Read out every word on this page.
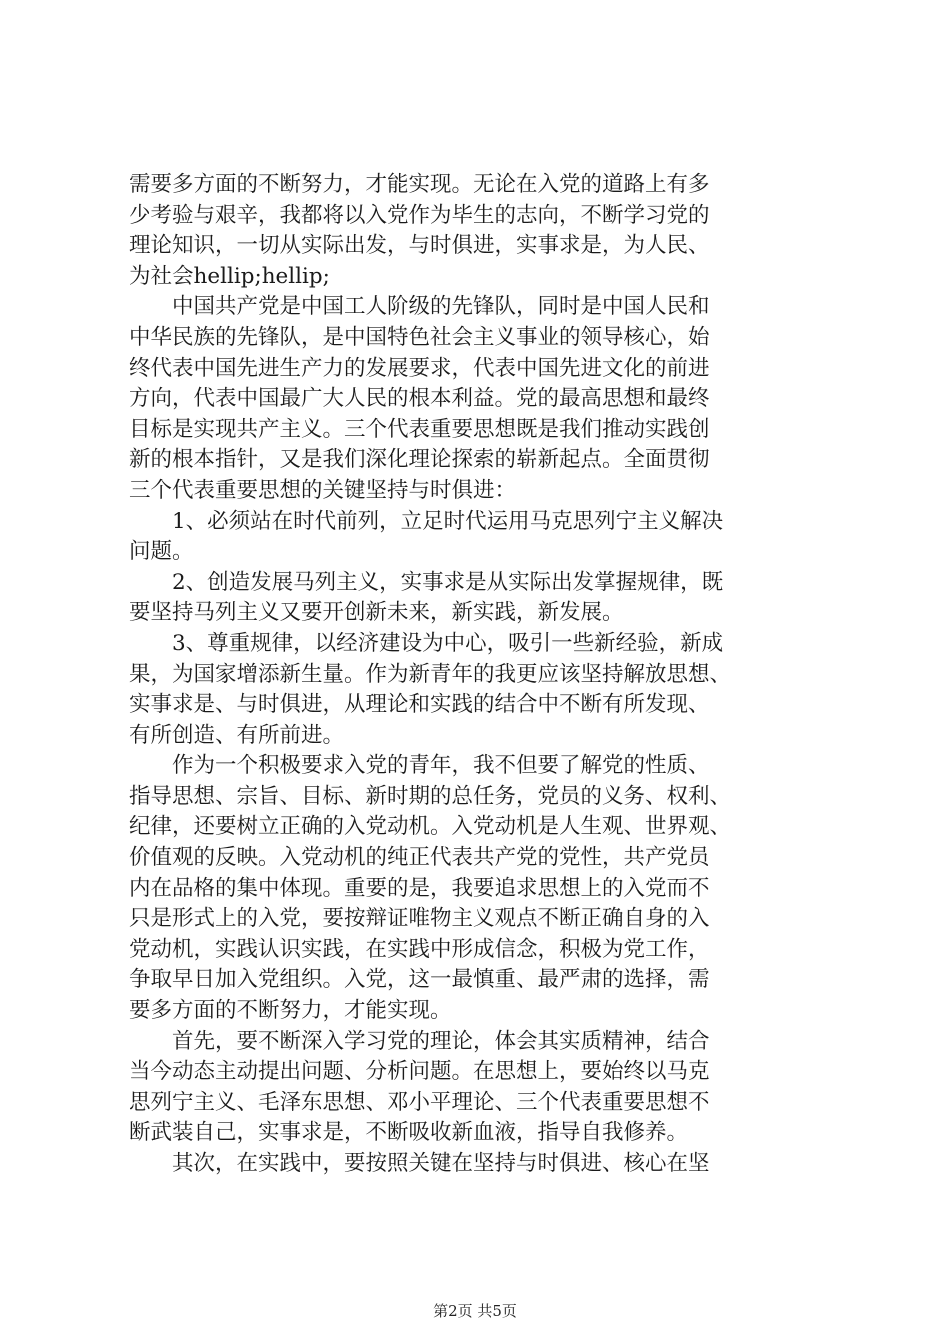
需要多方面的不断努力，才能实现。无论在入党的道路上有多
少考验与艰辛，我都将以入党作为毕生的志向，不断学习党的
理论知识，一切从实际出发，与时俱进，实事求是，为人民、
为社会hellip;hellip;
　　中国共产党是中国工人阶级的先锋队，同时是中国人民和
中华民族的先锋队，是中国特色社会主义事业的领导核心，始
终代表中国先进生产力的发展要求，代表中国先进文化的前进
方向，代表中国最广大人民的根本利益。党的最高思想和最终
目标是实现共产主义。三个代表重要思想既是我们推动实践创
新的根本指针，又是我们深化理论探索的崭新起点。全面贯彻
三个代表重要思想的关键坚持与时俱进：
　　1、必须站在时代前列，立足时代运用马克思列宁主义解决
问题。
　　2、创造发展马列主义，实事求是从实际出发掌握规律，既
要坚持马列主义又要开创新未来，新实践，新发展。
　　3、尊重规律，以经济建设为中心，吸引一些新经验，新成
果，为国家增添新生量。作为新青年的我更应该坚持解放思想、
实事求是、与时俱进，从理论和实践的结合中不断有所发现、
有所创造、有所前进。
　　作为一个积极要求入党的青年，我不但要了解党的性质、
指导思想、宗旨、目标、新时期的总任务，党员的义务、权利、
纪律，还要树立正确的入党动机。入党动机是人生观、世界观、
价值观的反映。入党动机的纯正代表共产党的党性，共产党员
内在品格的集中体现。重要的是，我要追求思想上的入党而不
只是形式上的入党，要按辩证唯物主义观点不断正确自身的入
党动机，实践认识实践，在实践中形成信念，积极为党工作，
争取早日加入党组织。入党，这一最慎重、最严肃的选择，需
要多方面的不断努力，才能实现。
　　首先，要不断深入学习党的理论，体会其实质精神，结合
当今动态主动提出问题、分析问题。在思想上，要始终以马克
思列宁主义、毛泽东思想、邓小平理论、三个代表重要思想不
断武装自己，实事求是，不断吸收新血液，指导自我修养。
　　其次，在实践中，要按照关键在坚持与时俱进、核心在坚
第2页 共5页
